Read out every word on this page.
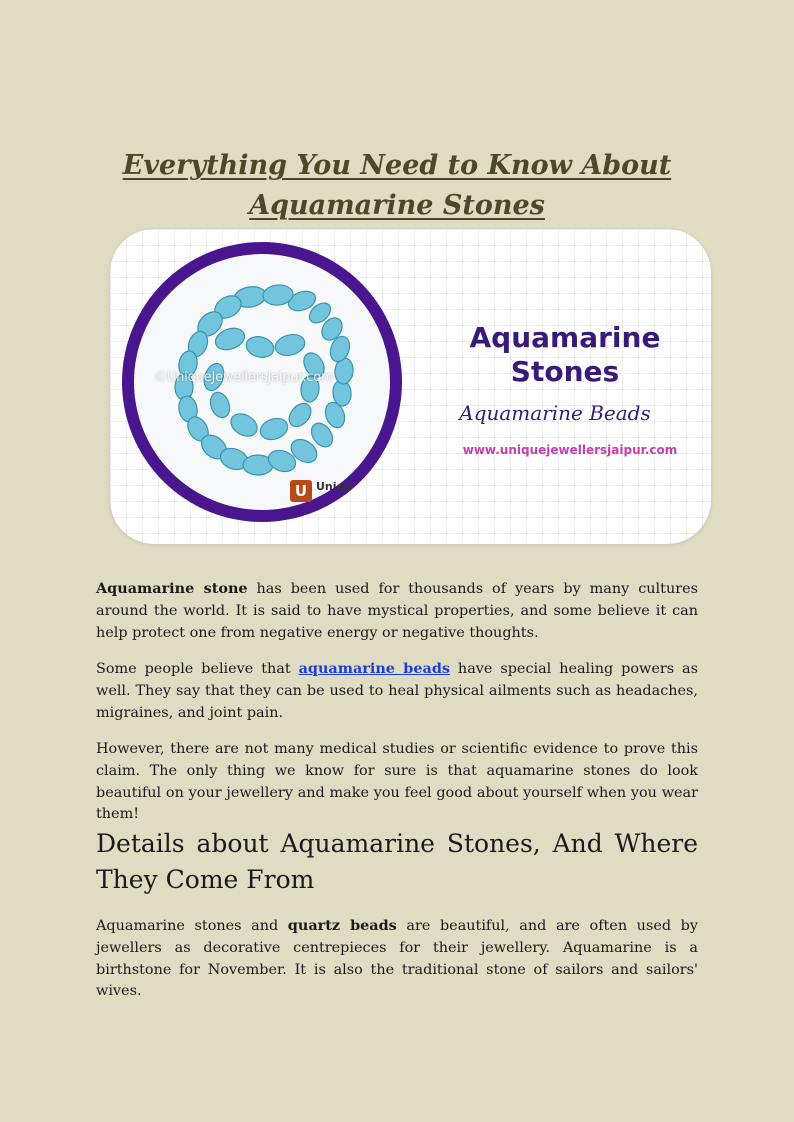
Everything You Need to Know About Aquamarine Stones
©UniqueJewellersJaipur.com
U Uniqu
Aquamarine Stones
Aquamarine Beads
www.uniquejewellersjaipur.com

Aquamarine stone has been used for thousands of years by many cultures around the world. It is said to have mystical properties, and some believe it can help protect one from negative energy or negative thoughts.

Some people believe that aquamarine beads have special healing powers as well. They say that they can be used to heal physical ailments such as headaches, migraines, and joint pain.

However, there are not many medical studies or scientific evidence to prove this claim. The only thing we know for sure is that aquamarine stones do look beautiful on your jewellery and make you feel good about yourself when you wear them!

Details about Aquamarine Stones, And Where They Come From

Aquamarine stones and quartz beads are beautiful, and are often used by jewellers as decorative centrepieces for their jewellery. Aquamarine is a birthstone for November. It is also the traditional stone of sailors and sailors' wives.
